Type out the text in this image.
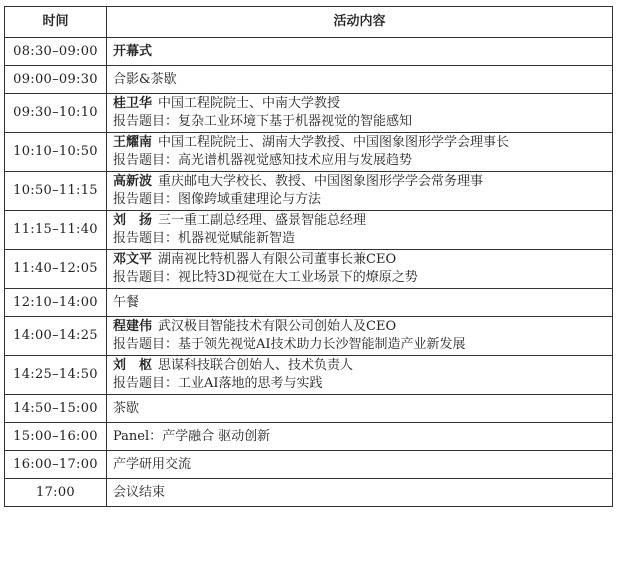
时间	活动内容
08:30–09:00	开幕式
09:00–09:30	合影&茶歇
09:30–10:10	桂卫华 中国工程院院士、中南大学教授
报告题目：复杂工业环境下基于机器视觉的智能感知

10:10–10:50	王耀南 中国工程院院士、湖南大学教授、中国图象图形学学会理事长
报告题目：高光谱机器视觉感知技术应用与发展趋势

10:50–11:15	高新波 重庆邮电大学校长、教授、中国图象图形学学会常务理事
报告题目：图像跨域重建理论与方法

11:15–11:40	刘　扬 三一重工副总经理、盛景智能总经理
报告题目：机器视觉赋能新智造

11:40–12:05	邓文平 湖南视比特机器人有限公司董事长兼CEO
报告题目：视比特3D视觉在大工业场景下的燎原之势

12:10–14:00	午餐
14:00–14:25	程建伟 武汉极目智能技术有限公司创始人及CEO
报告题目：基于领先视觉AI技术助力长沙智能制造产业新发展

14:25–14:50	刘　枢 思谋科技联合创始人、技术负责人
报告题目：工业AI落地的思考与实践

14:50–15:00	茶歇
15:00–16:00	Panel：产学融合 驱动创新
16:00–17:00	产学研用交流
17:00	会议结束
